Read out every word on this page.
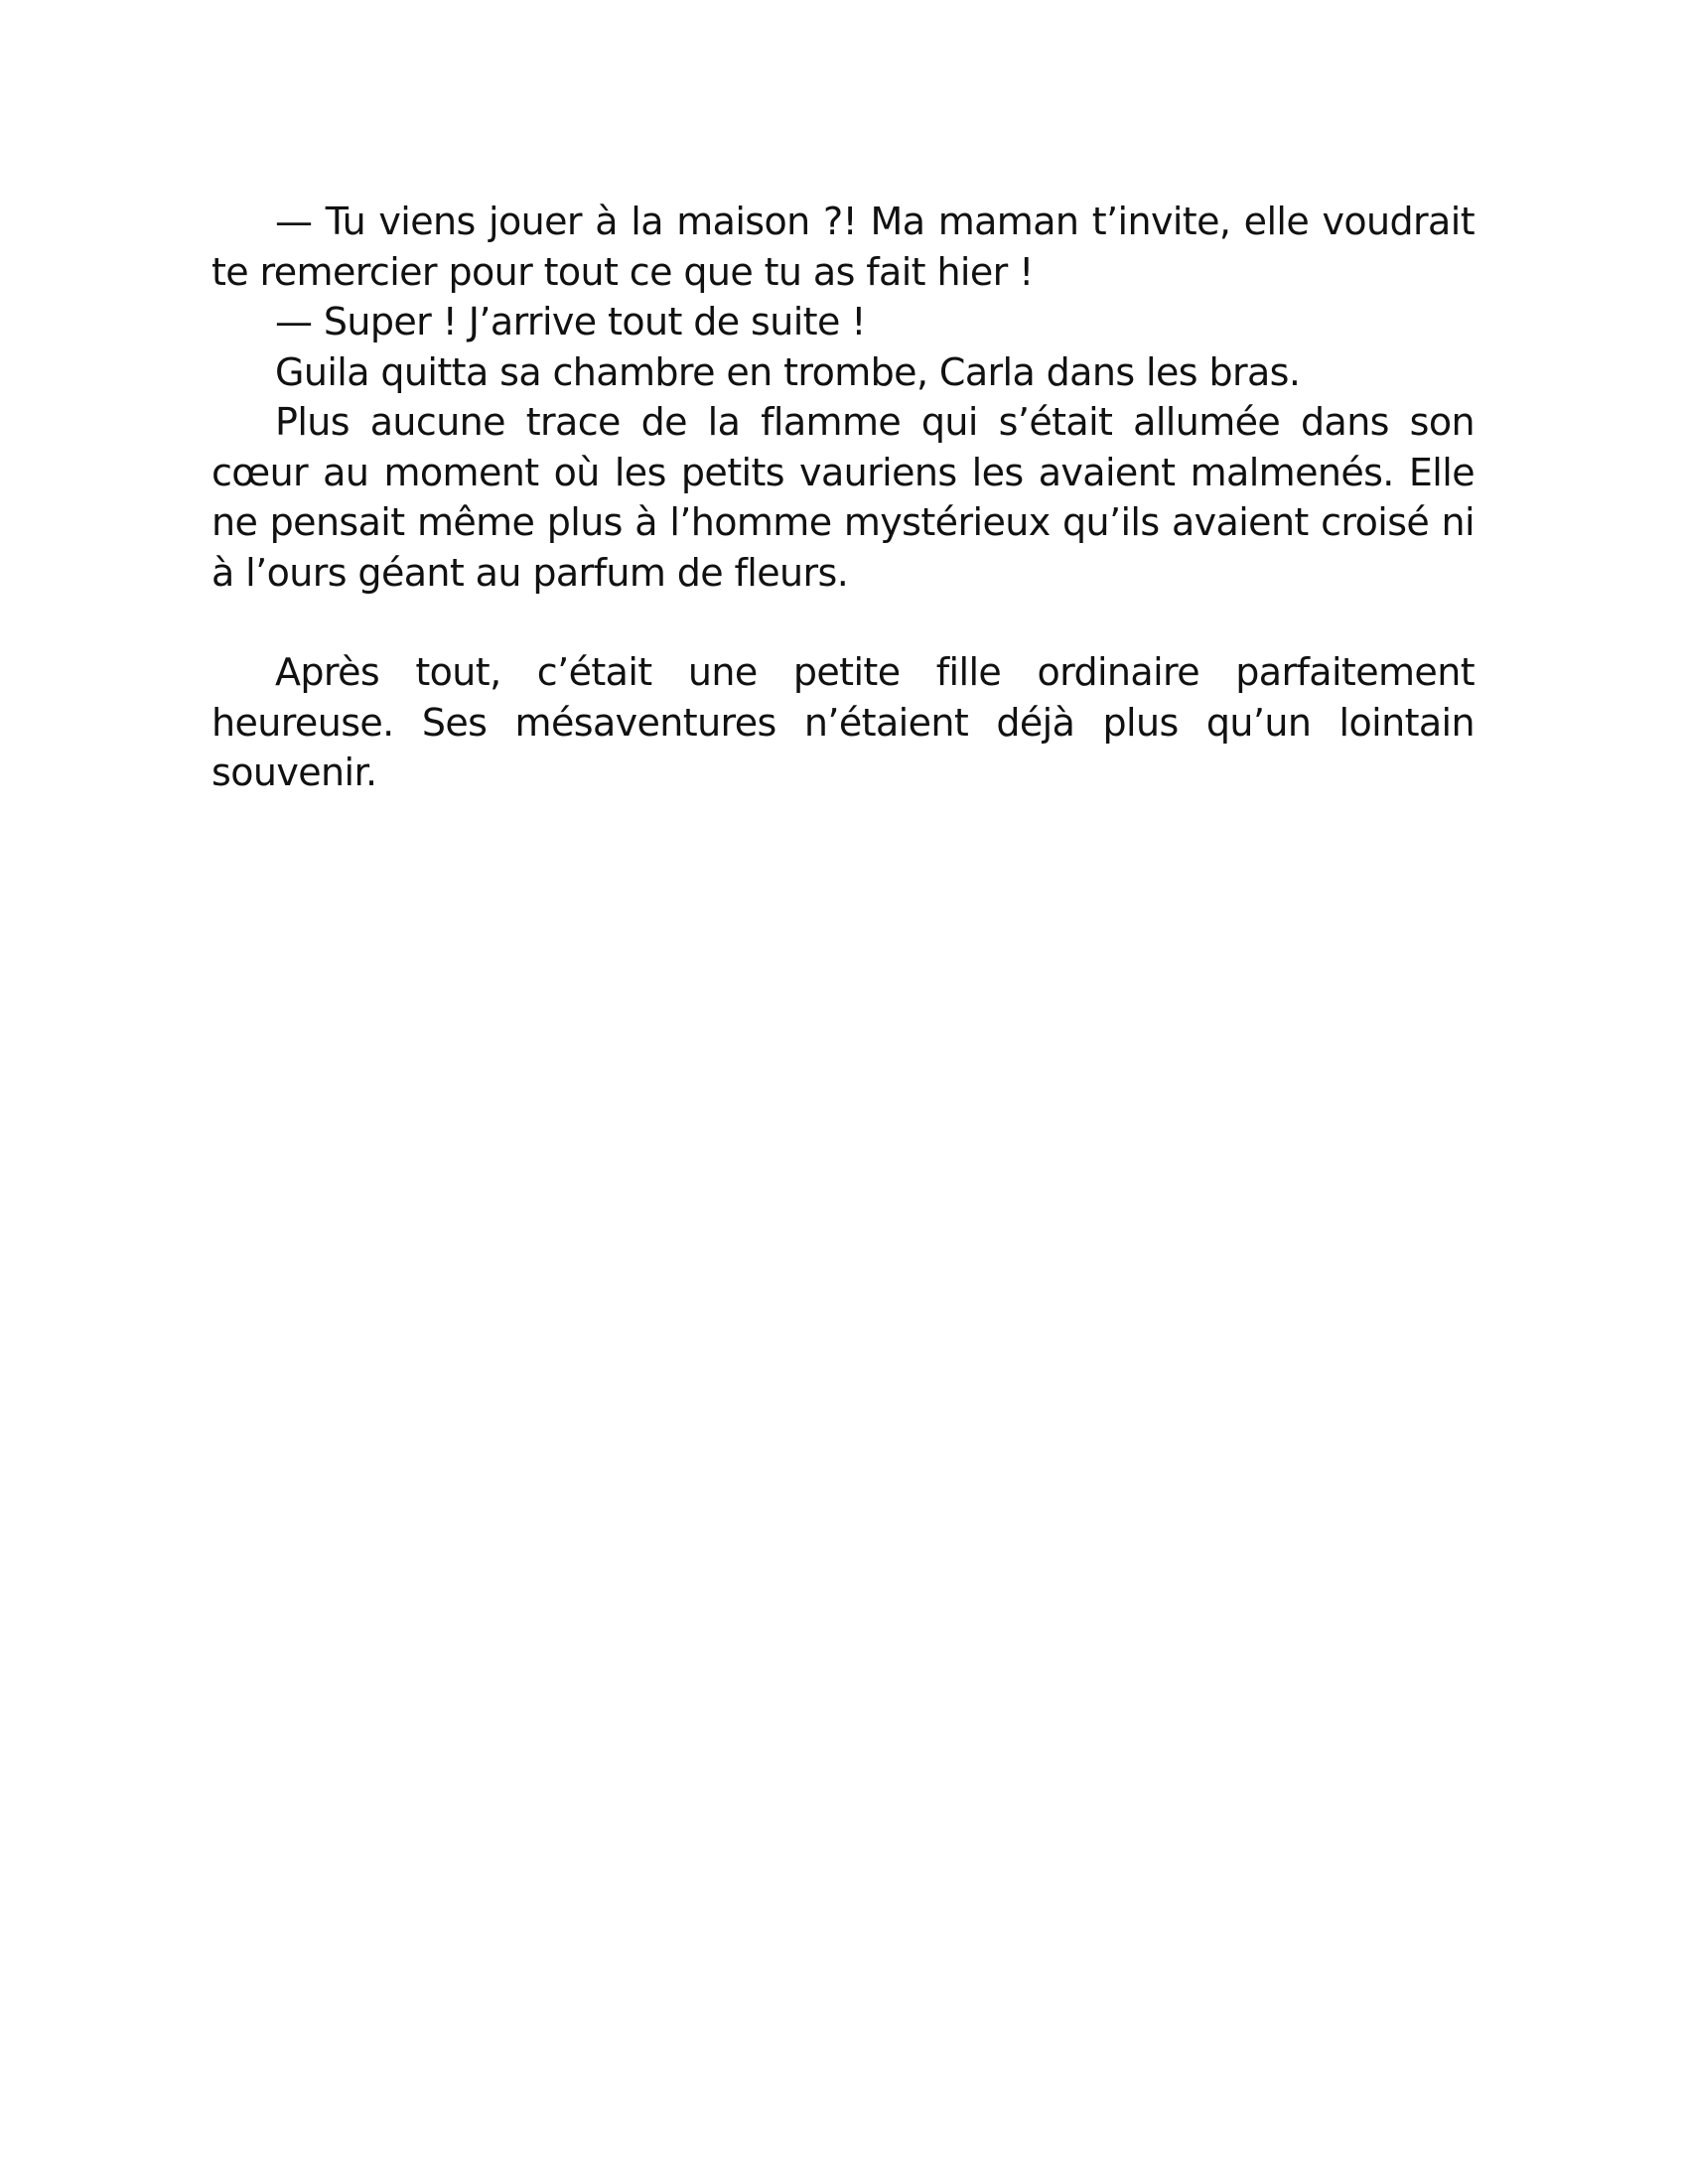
— Tu viens jouer à la maison ?! Ma maman t’invite, elle voudrait te remercier pour tout ce que tu as fait hier !

— Super ! J’arrive tout de suite !

Guila quitta sa chambre en trombe, Carla dans les bras.

Plus aucune trace de la flamme qui s’était allumée dans son cœur au moment où les petits vauriens les avaient malmenés. Elle ne pensait même plus à l’homme mystérieux qu’ils avaient croisé ni à l’ours géant au parfum de fleurs.

Après tout, c’était une petite fille ordinaire parfaitement heureuse. Ses mésaventures n’étaient déjà plus qu’un lointain souvenir.
